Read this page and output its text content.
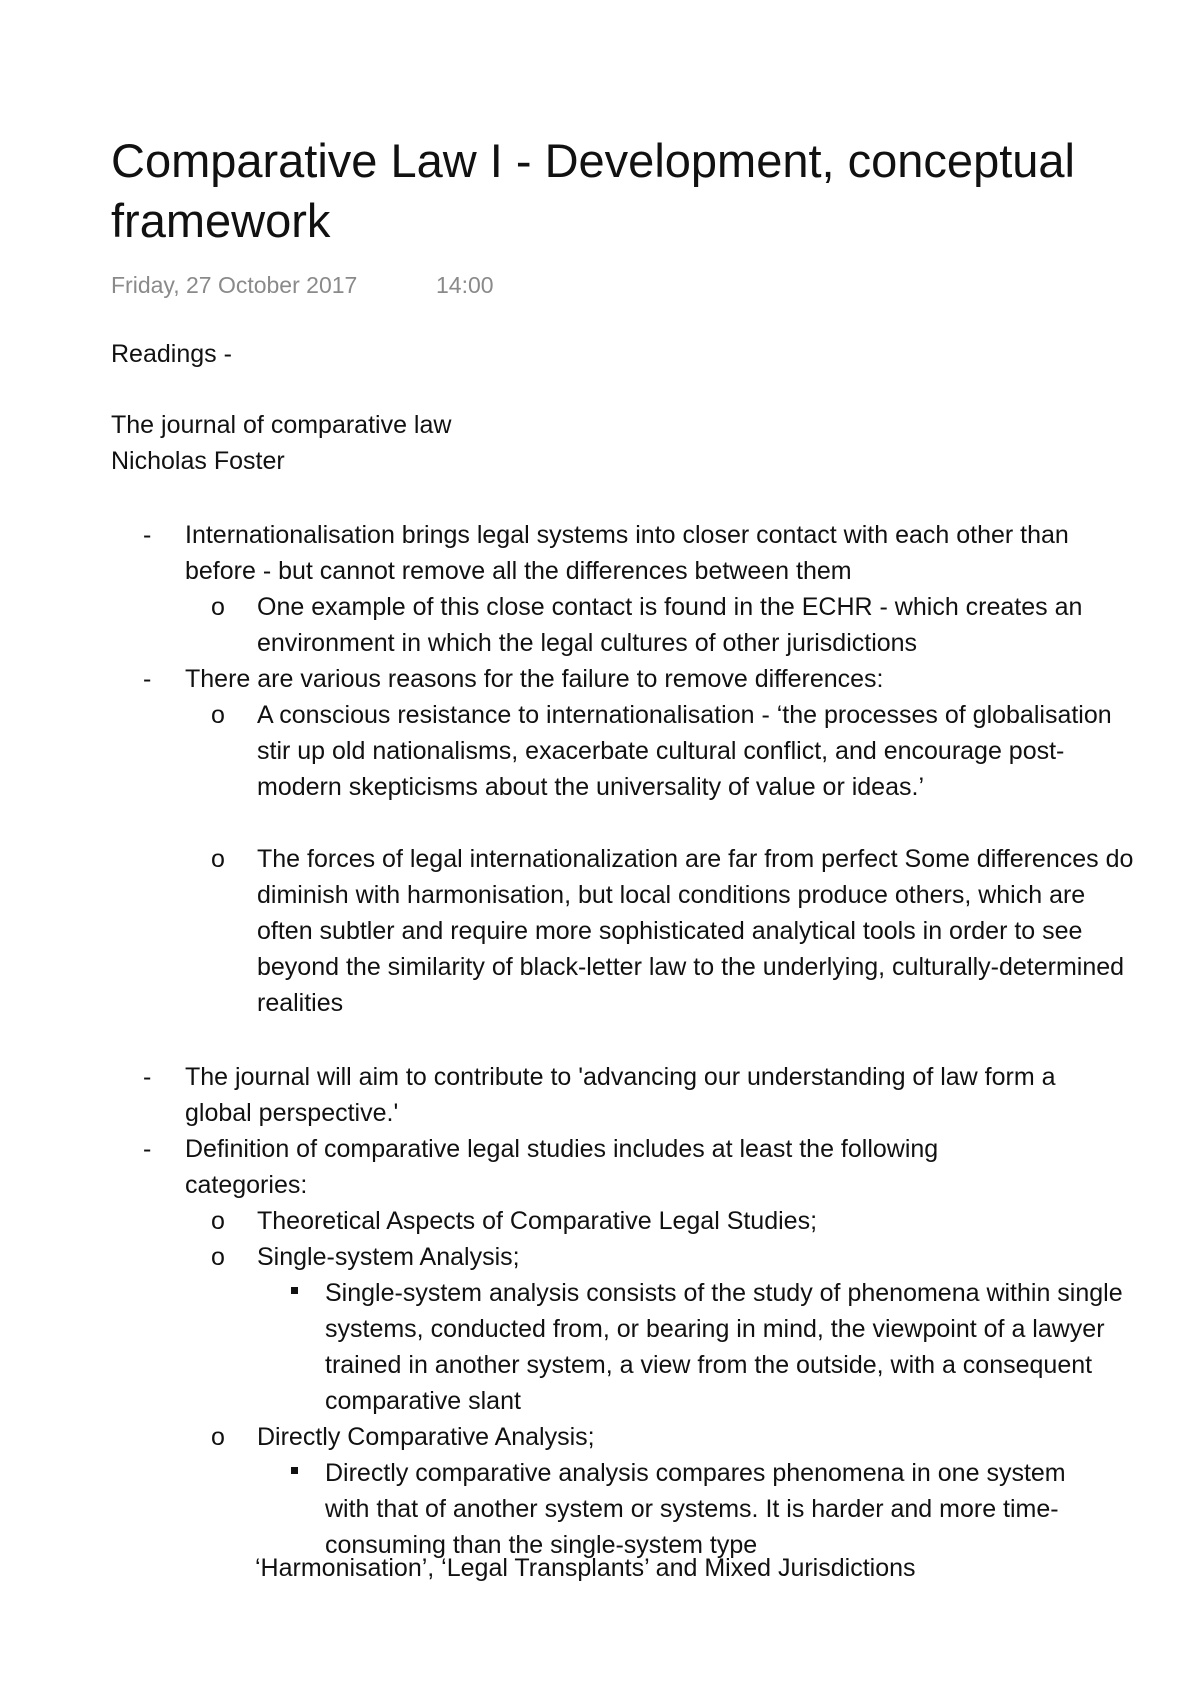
Comparative Law I - Development, conceptual framework
Friday, 27 October 2017	14:00
Readings -
The journal of comparative law
Nicholas Foster
- Internationalisation brings legal systems into closer contact with each other than before - but cannot remove all the differences between them
o One example of this close contact is found in the ECHR - which creates an environment in which the legal cultures of other jurisdictions
- There are various reasons for the failure to remove differences:
o A conscious resistance to internationalisation - ‘the processes of globalisation stir up old nationalisms, exacerbate cultural conflict, and encourage post-modern skepticisms about the universality of value or ideas.’
o The forces of legal internationalization are far from perfect Some differences do diminish with harmonisation, but local conditions produce others, which are often subtler and require more sophisticated analytical tools in order to see beyond the similarity of black-letter law to the underlying, culturally-determined realities
- The journal will aim to contribute to 'advancing our understanding of law form a global perspective.'
- Definition of comparative legal studies includes at least the following categories:
o Theoretical Aspects of Comparative Legal Studies;
o Single-system Analysis;
Single-system analysis consists of the study of phenomena within single systems, conducted from, or bearing in mind, the viewpoint of a lawyer trained in another system, a view from the outside, with a consequent comparative slant
o Directly Comparative Analysis;
Directly comparative analysis compares phenomena in one system with that of another system or systems. It is harder and more time-consuming than the single-system type
‘Harmonisation’, ‘Legal Transplants’ and Mixed Jurisdictions
